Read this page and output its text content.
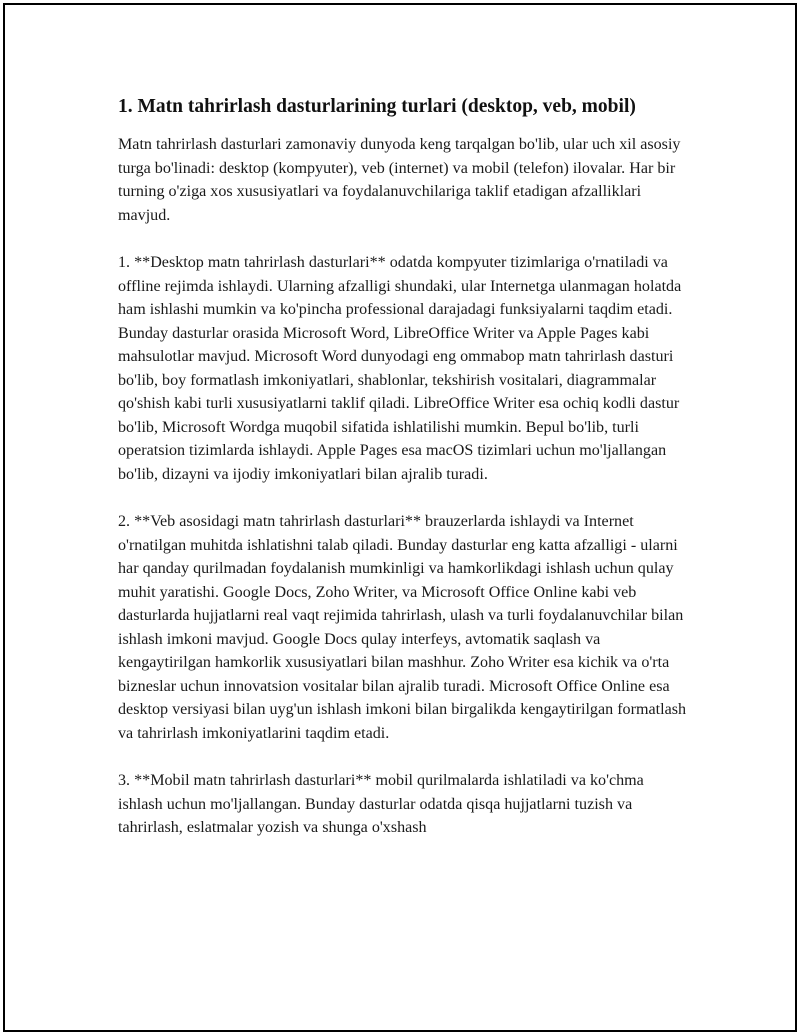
1. Matn tahrirlash dasturlarining turlari (desktop, veb, mobil)

Matn tahrirlash dasturlari zamonaviy dunyoda keng tarqalgan bo'lib, ular uch xil asosiy turga bo'linadi: desktop (kompyuter), veb (internet) va mobil (telefon) ilovalar. Har bir turning o'ziga xos xususiyatlari va foydalanuvchilariga taklif etadigan afzalliklari mavjud.

1. **Desktop matn tahrirlash dasturlari** odatda kompyuter tizimlariga o'rnatiladi va offline rejimda ishlaydi. Ularning afzalligi shundaki, ular Internetga ulanmagan holatda ham ishlashi mumkin va ko'pincha professional darajadagi funksiyalarni taqdim etadi. Bunday dasturlar orasida Microsoft Word, LibreOffice Writer va Apple Pages kabi mahsulotlar mavjud. Microsoft Word dunyodagi eng ommabop matn tahrirlash dasturi bo'lib, boy formatlash imkoniyatlari, shablonlar, tekshirish vositalari, diagrammalar qo'shish kabi turli xususiyatlarni taklif qiladi. LibreOffice Writer esa ochiq kodli dastur bo'lib, Microsoft Wordga muqobil sifatida ishlatilishi mumkin. Bepul bo'lib, turli operatsion tizimlarda ishlaydi. Apple Pages esa macOS tizimlari uchun mo'ljallangan bo'lib, dizayni va ijodiy imkoniyatlari bilan ajralib turadi.

2. **Veb asosidagi matn tahrirlash dasturlari** brauzerlarda ishlaydi va Internet o'rnatilgan muhitda ishlatishni talab qiladi. Bunday dasturlar eng katta afzalligi - ularni har qanday qurilmadan foydalanish mumkinligi va hamkorlikdagi ishlash uchun qulay muhit yaratishi. Google Docs, Zoho Writer, va Microsoft Office Online kabi veb dasturlarda hujjatlarni real vaqt rejimida tahrirlash, ulash va turli foydalanuvchilar bilan ishlash imkoni mavjud. Google Docs qulay interfeys, avtomatik saqlash va kengaytirilgan hamkorlik xususiyatlari bilan mashhur. Zoho Writer esa kichik va o'rta bizneslar uchun innovatsion vositalar bilan ajralib turadi. Microsoft Office Online esa desktop versiyasi bilan uyg'un ishlash imkoni bilan birgalikda kengaytirilgan formatlash va tahrirlash imkoniyatlarini taqdim etadi.

3. **Mobil matn tahrirlash dasturlari** mobil qurilmalarda ishlatiladi va ko'chma ishlash uchun mo'ljallangan. Bunday dasturlar odatda qisqa hujjatlarni tuzish va tahrirlash, eslatmalar yozish va shunga o'xshash
